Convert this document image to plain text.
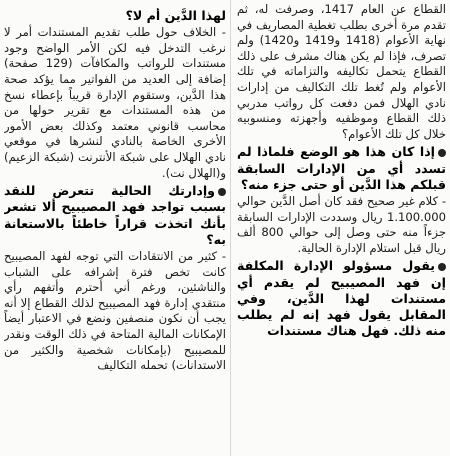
القطاع عن العام 1417، وصرفت له، ثم تقدم مرة أخرى بطلب تغطية المصاريف في نهاية الأعوام (1418 و1419 و1420) ولم تصرف، فإذا لم يكن هناك مشرف على ذلك القطاع يتحمل تكاليفه والتزاماته في تلك الأعوام ولم تُغط تلك التكاليف من إدارات نادي الهلال فمن دفعت كل رواتب مدربي ذلك القطاع وموظفيه وأجهزته ومنسوبيه خلال كل تلك الأعوام؟
إذا كان هذا هو الوضع فلماذا لم تسدد أي من الإدارات السابقة قبلكم هذا الدَّين أو حتى جزء منه؟
- كلام غير صحيح فقد كان أصل الدَّين حوالي 1.100.000 ريال وسددت الإدارات السابقة جزءاً منه حتى وصل إلى حوالي 800 ألف ريال قبل استلام الإدارة الحالية.
يقول مسؤولو الإدارة المكلفة إن فهد المصيبيح لم يقدم أي مستندات لهذا الدَّين، وفي المقابل يقول فهد إنه لم يطلب منه ذلك. فهل هناك مستندات
لهذا الدَّين أم لا؟
- الخلاف حول طلب تقديم المستندات أمر لا نرغب التدخل فيه لكن الأمر الواضح وجود مستندات للرواتب والمكافآت (129 صفحة) إضافة إلى العديد من الفواتير مما يؤكد صحة هذا الدَّين، وستقوم الإدارة قريباً بإعطاء نسخ من هذه المستندات مع تقرير حولها من محاسب قانوني معتمد وكذلك بعض الأمور الأخرى الخاصة بالنادي لنشرها في موقعي نادي الهلال على شبكة الأنترنت (شبكة الزعيم) و(الهلال نت).
وإدارتك الحالية تتعرض للنقد بسبب تواجد فهد المصيبيح ألا تشعر بأنك اتخذت قراراً خاطئاً بالاستعانة به؟
- كثير من الانتقادات التي توجه لفهد المصيبيح كانت تخص فترة إشرافه على الشباب والناشئين، ورغم أني أحترم وأتفهم رأي منتقدي إدارة فهد المصيبيح لذلك القطاع إلا أنه يجب أن نكون منصفين ونضع في الاعتبار أيضاً الإمكانات المالية المتاحة في ذلك الوقت ونقدر للمصيبيح (بإمكانات شخصية والكثير من الاستدانات) تحمله التكاليف
